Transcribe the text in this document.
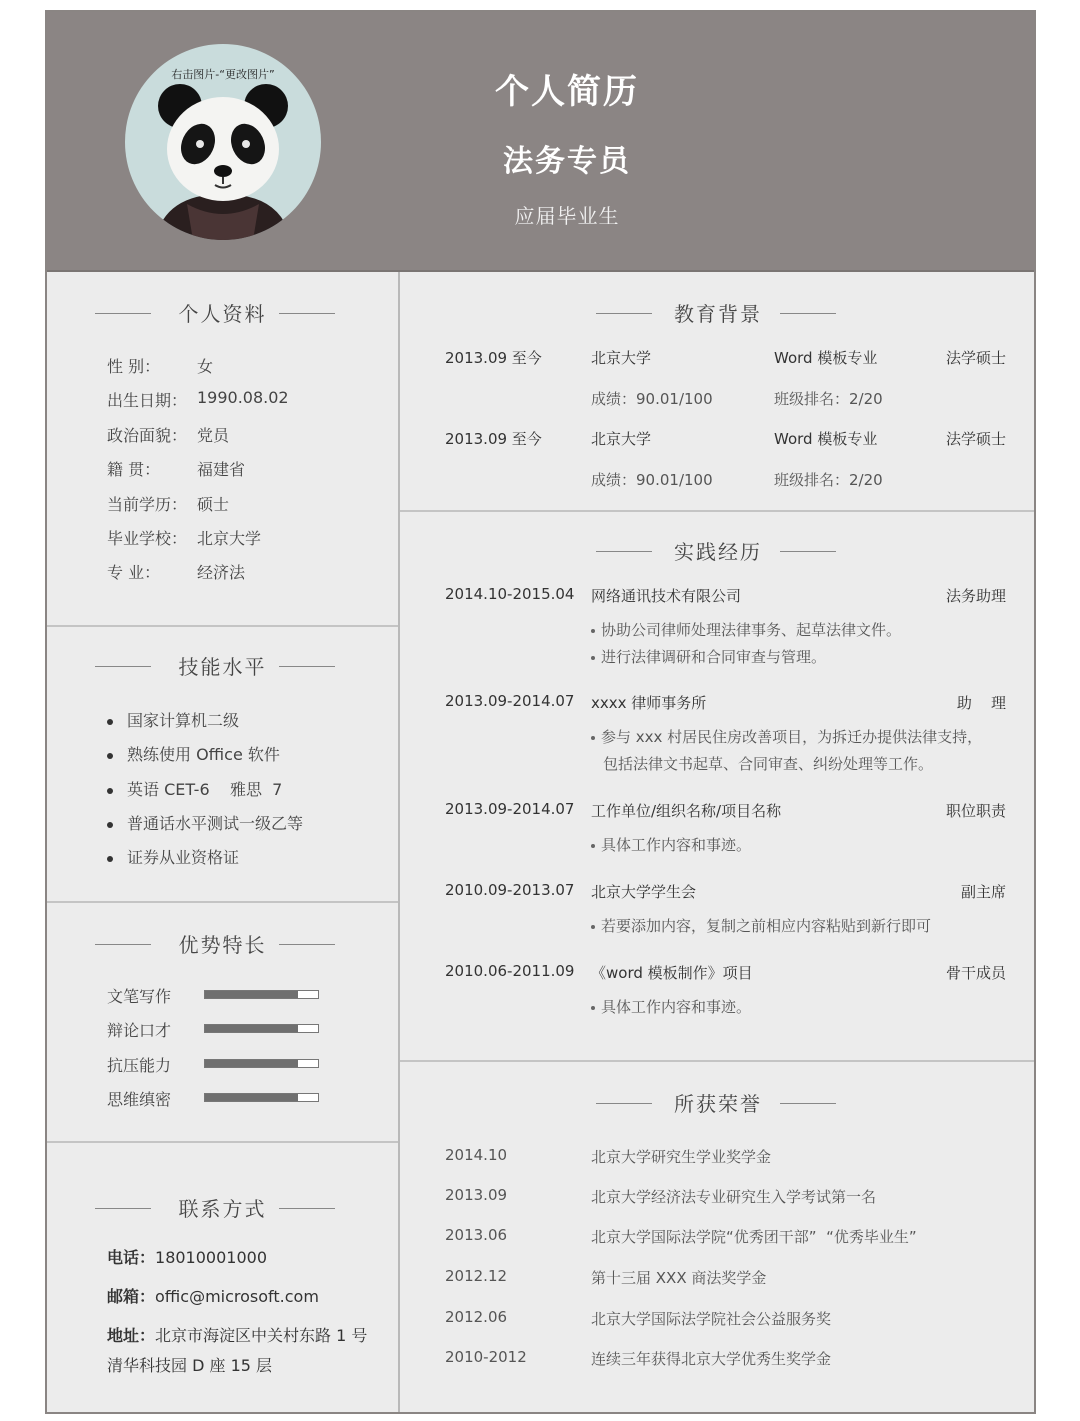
右击图片-“更改图片”	个人简历
法务专员
应届毕业生
个人资料
性 别：	女
出生日期： 1990.08.02
政治面貌： 党员
籍 贯：	福建省
当前学历： 硕士
毕业学校： 北京大学
专 业：	经济法
技能水平
国家计算机二级
熟练使用 Office 软件
英语 CET-6    雅思  7
普通话水平测试一级乙等
证券从业资格证
优势特长
文笔写作
辩论口才
抗压能力
思维缜密
联系方式
电话：18010001000
邮箱：offic@microsoft.com
地址：北京市海淀区中关村东路 1 号
清华科技园 D 座 15 层
教育背景
2013.09 至今	北京大学	Word 模板专业	法学硕士
成绩：90.01/100	班级排名：2/20
2013.09 至今	北京大学	Word 模板专业	法学硕士
成绩：90.01/100	班级排名：2/20
实践经历
2014.10-2015.04 网络通讯技术有限公司	法务助理
协助公司律师处理法律事务、起草法律文件。
进行法律调研和合同审查与管理。
2013.09-2014.07 xxxx 律师事务所	助    理
参与 xxx 村居民住房改善项目，为拆迁办提供法律支持，
包括法律文书起草、合同审查、纠纷处理等工作。
2013.09-2014.07 工作单位/组织名称/项目名称	职位职责
具体工作内容和事迹。
2010.09-2013.07 北京大学学生会	副主席
若要添加内容，复制之前相应内容粘贴到新行即可
2010.06-2011.09 《word 模板制作》项目	骨干成员
具体工作内容和事迹。
所获荣誉
2014.10	北京大学研究生学业奖学金
2013.09	北京大学经济法专业研究生入学考试第一名
2013.06	北京大学国际法学院“优秀团干部”  “优秀毕业生”
2012.12	第十三届 XXX 商法奖学金
2012.06	北京大学国际法学院社会公益服务奖
2010-2012	连续三年获得北京大学优秀生奖学金
